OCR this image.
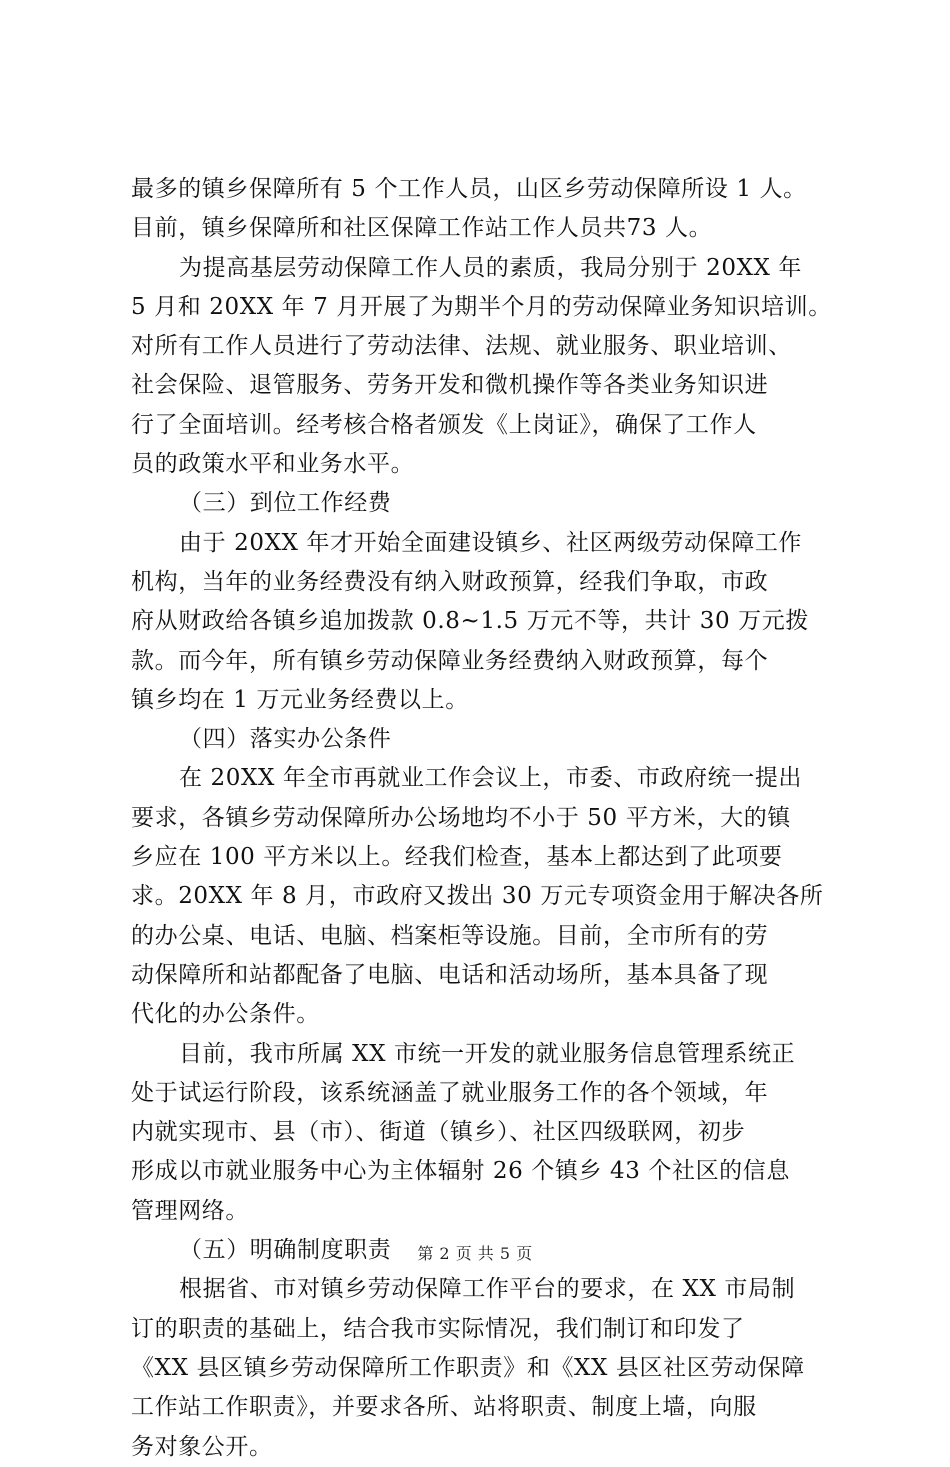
最多的镇乡保障所有 5 个工作人员，山区乡劳动保障所设 1 人。
目前，镇乡保障所和社区保障工作站工作人员共73 人。
为提高基层劳动保障工作人员的素质，我局分别于 20XX 年
5 月和 20XX 年 7 月开展了为期半个月的劳动保障业务知识培训。
对所有工作人员进行了劳动法律、法规、就业服务、职业培训、
社会保险、退管服务、劳务开发和微机操作等各类业务知识进
行了全面培训。经考核合格者颁发《上岗证》，确保了工作人
员的政策水平和业务水平。
（三）到位工作经费
由于 20XX 年才开始全面建设镇乡、社区两级劳动保障工作
机构，当年的业务经费没有纳入财政预算，经我们争取，市政
府从财政给各镇乡追加拨款 0.8~1.5 万元不等，共计 30 万元拨
款。而今年，所有镇乡劳动保障业务经费纳入财政预算，每个
镇乡均在 1 万元业务经费以上。
（四）落实办公条件
在 20XX 年全市再就业工作会议上，市委、市政府统一提出
要求，各镇乡劳动保障所办公场地均不小于 50 平方米，大的镇
乡应在 100 平方米以上。经我们检查，基本上都达到了此项要
求。20XX 年 8 月，市政府又拨出 30 万元专项资金用于解决各所
的办公桌、电话、电脑、档案柜等设施。目前，全市所有的劳
动保障所和站都配备了电脑、电话和活动场所，基本具备了现
代化的办公条件。
目前，我市所属 XX 市统一开发的就业服务信息管理系统正
处于试运行阶段，该系统涵盖了就业服务工作的各个领域，年
内就实现市、县（市）、街道（镇乡）、社区四级联网，初步
形成以市就业服务中心为主体辐射 26 个镇乡 43 个社区的信息
管理网络。
（五）明确制度职责
根据省、市对镇乡劳动保障工作平台的要求，在 XX 市局制
订的职责的基础上，结合我市实际情况，我们制订和印发了
《XX 县区镇乡劳动保障所工作职责》和《XX 县区社区劳动保障
工作站工作职责》，并要求各所、站将职责、制度上墙，向服
务对象公开。
第 2 页 共 5 页
